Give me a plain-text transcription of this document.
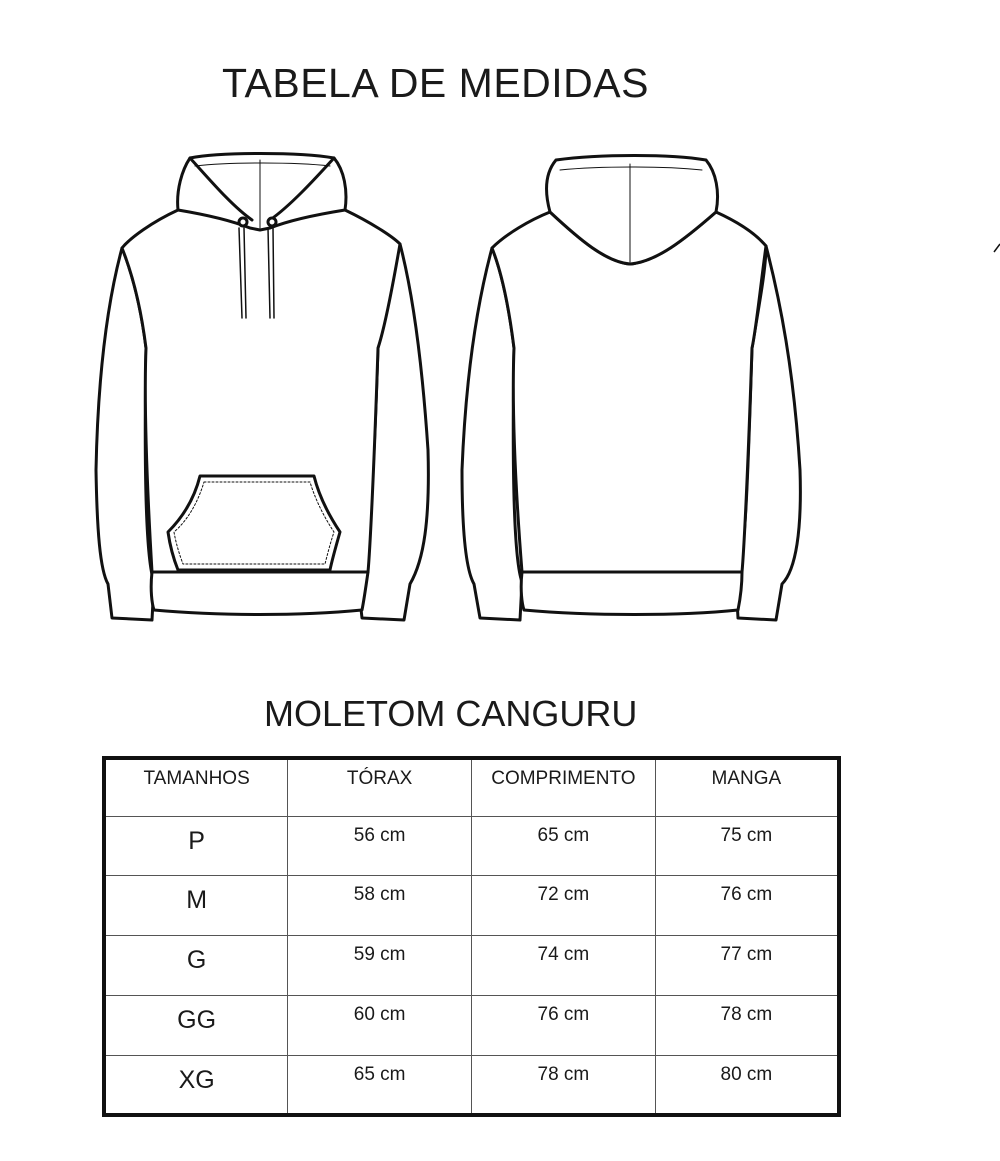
TABELA DE MEDIDAS
MOLETOM CANGURU
TAMANHOS	TÓRAX	COMPRIMENTO	MANGA
P	56 cm	65 cm	75 cm
M	58 cm	72 cm	76 cm
G	59 cm	74 cm	77 cm
GG	60 cm	76 cm	78 cm
XG	65 cm	78 cm	80 cm
